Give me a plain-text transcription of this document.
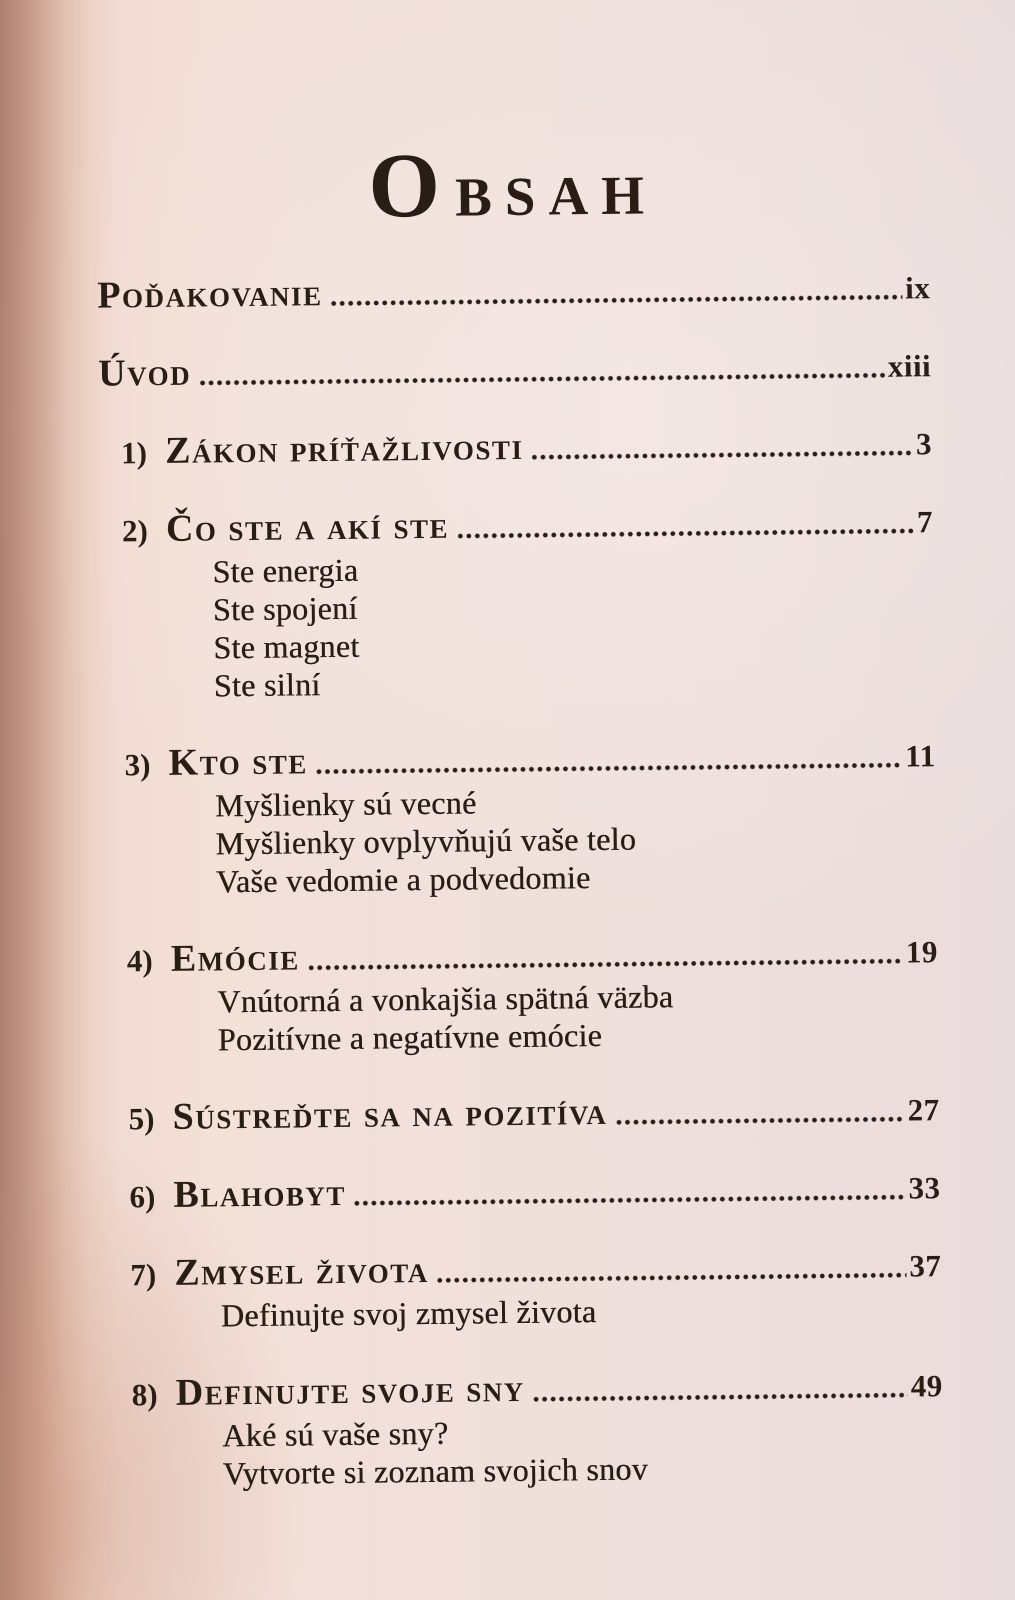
OBSAH
Poďakovanie	ix
Úvod	xiii
1) Zákon príťažlivosti	3
2) Čo ste a akí ste	7
Ste energia
Ste spojení
Ste magnet
Ste silní
3) Kto ste	11
Myšlienky sú vecné
Myšlienky ovplyvňujú vaše telo
Vaše vedomie a podvedomie
4) Emócie	19
Vnútorná a vonkajšia spätná väzba
Pozitívne a negatívne emócie
5) Sústreďte sa na pozitíva	27
6) Blahobyt	33
7) Zmysel života	37
Definujte svoj zmysel života
8) Definujte svoje sny	49
Aké sú vaše sny?
Vytvorte si zoznam svojich snov
